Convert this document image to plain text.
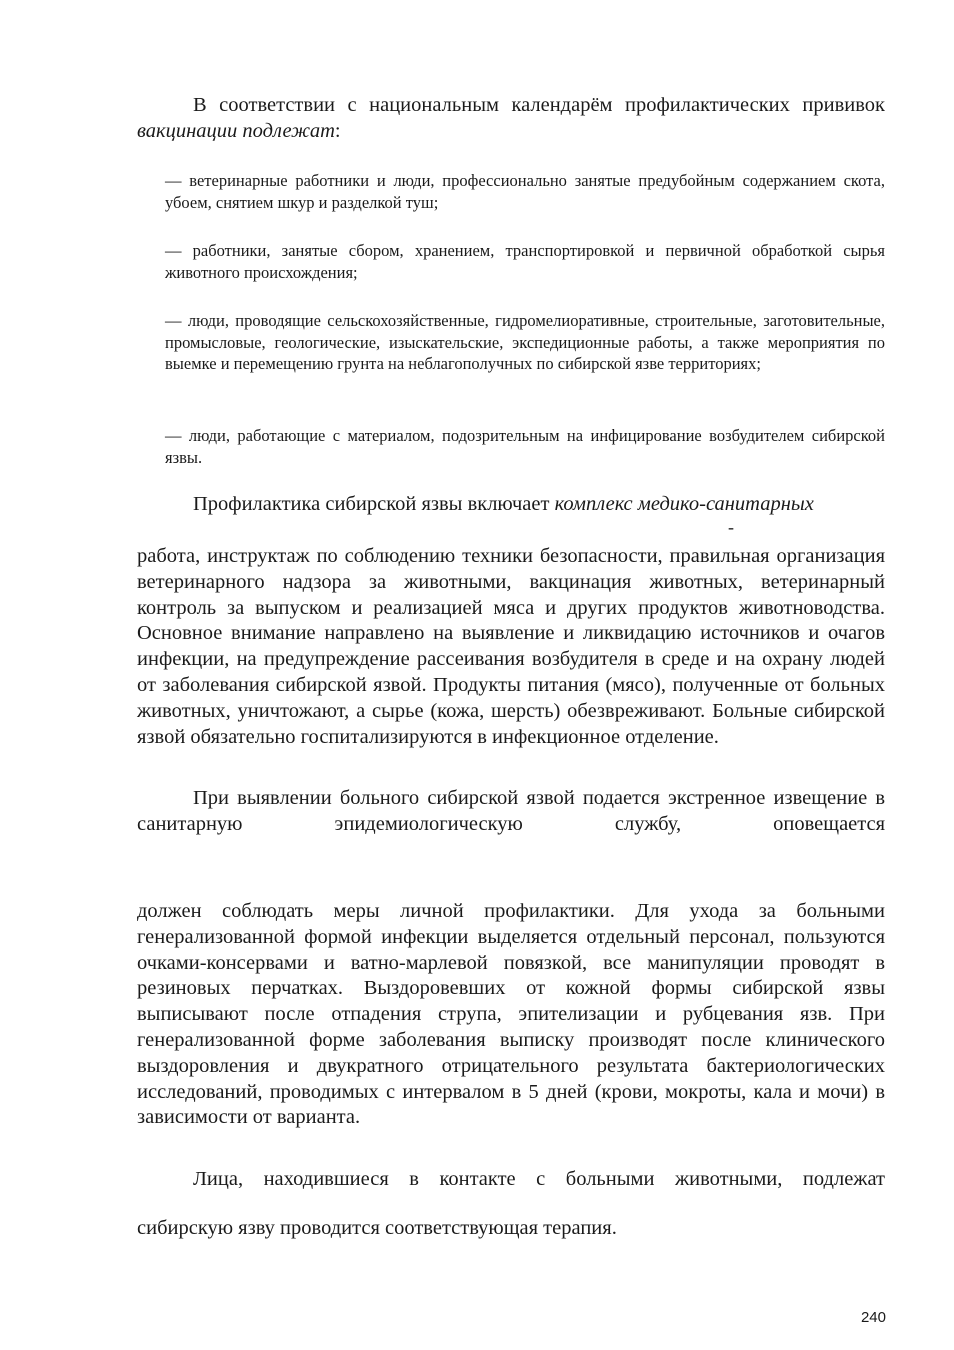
В соответствии с национальным календарём профилактических прививок вакцинации подлежат:

— ветеринарные работники и люди, профессионально занятые предубойным содержанием скота, убоем, снятием шкур и разделкой туш;

— работники, занятые сбором, хранением, транспортировкой и первичной обработкой сырья животного происхождения;

— люди, проводящие сельскохозяйственные, гидромелиоративные, строительные, заготовительные, промысловые, геологические, изыскательские, экспедиционные работы, а также мероприятия по выемке и перемещению грунта на неблагополучных по сибирской язве территориях;

— люди, работающие с материалом, подозрительным на инфицирование возбудителем сибирской язвы.

Профилактика сибирской язвы включает комплекс медико-санитарных

-

работа, инструктаж по соблюдению техники безопасности, правильная организация ветеринарного надзора за животными, вакцинация животных, ветеринарный контроль за выпуском и реализацией мяса и других продуктов животноводства. Основное внимание направлено на выявление и ликвидацию источников и очагов инфекции, на предупреждение рассеивания возбудителя в среде и на охрану людей от заболевания сибирской язвой. Продукты питания (мясо), полученные от больных животных, уничтожают, а сырье (кожа, шерсть) обезвреживают. Больные сибирской язвой обязательно госпитализируются в инфекционное отделение.

При выявлении больного сибирской язвой подается экстренное извещение в санитарную эпидемиологическую службу, оповещается

должен соблюдать меры личной профилактики. Для ухода за больными генерализованной формой инфекции выделяется отдельный персонал, пользуются очками-консервами и ватно-марлевой повязкой, все манипуляции проводят в резиновых перчатках. Выздоровевших от кожной формы сибирской язвы выписывают после отпадения струпа, эпителизации и рубцевания язв. При генерализованной форме заболевания выписку производят после клинического выздоровления и двукратного отрицательного результата бактериологических исследований, проводимых с интервалом в 5 дней (крови, мокроты, кала и мочи) в зависимости от варианта.

Лица, находившиеся в контакте с больными животными, подлежат

сибирскую язву проводится соответствующая терапия.

240
